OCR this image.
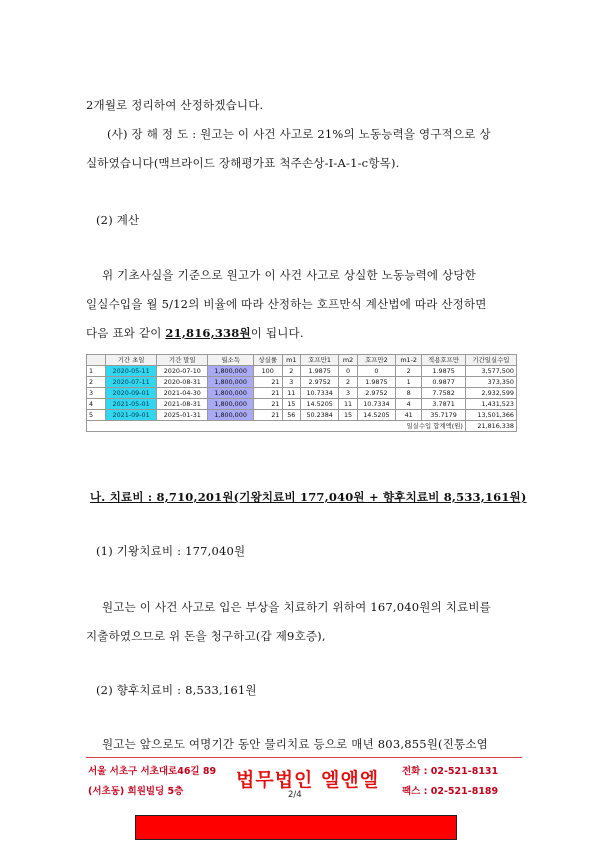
2개월로 정리하여 산정하겠습니다.
(사) 장 해 정 도 : 원고는 이 사건 사고로 21%의 노동능력을 영구적으로 상
실하였습니다(맥브라이드 장해평가표 척주손상-Ⅰ-A-1-c항목).
(2) 계산
위 기초사실을 기준으로 원고가 이 사건 사고로 상실한 노동능력에 상당한
일실수입을 월 5/12의 비율에 따라 산정하는 호프만식 계산법에 따라 산정하면
다음 표와 같이 21,816,338원이 됩니다.
	기간 초일	기간 말일	월소득	상실률	m1	호프만1	m2	호프만2	m1-2	적용호프만	기간일실수입
1	2020-05-11	2020-07-10	1,800,000	100	2	1.9875	0	0	2	1.9875	3,577,500
2	2020-07-11	2020-08-31	1,800,000	21	3	2.9752	2	1.9875	1	0.9877	373,350
3	2020-09-01	2021-04-30	1,800,000	21	11	10.7334	3	2.9752	8	7.7582	2,932,599
4	2021-05-01	2021-08-31	1,800,000	21	15	14.5205	11	10.7334	4	3.7871	1,431,523
5	2021-09-01	2025-01-31	1,800,000	21	56	50.2384	15	14.5205	41	35.7179	13,501,366
일실수입 합계액(원)											21,816,338
나. 치료비 : 8,710,201원(기왕치료비 177,040원 + 향후치료비 8,533,161원)
(1) 기왕치료비 : 177,040원
원고는 이 사건 사고로 입은 부상을 치료하기 위하여 167,040원의 치료비를
지출하였으므로 위 돈을 청구하고(갑 제9호증),
(2) 향후치료비 : 8,533,161원
원고는 앞으로도 여명기간 동안 물리치료 등으로 매년 803,855원(진통소염
서울 서초구 서초대로46길 89
(서초동) 희원빌딩 5층
법무법인 엘앤엘 전화 : 02-521-8131
팩스 : 02-521-8189
2/4
